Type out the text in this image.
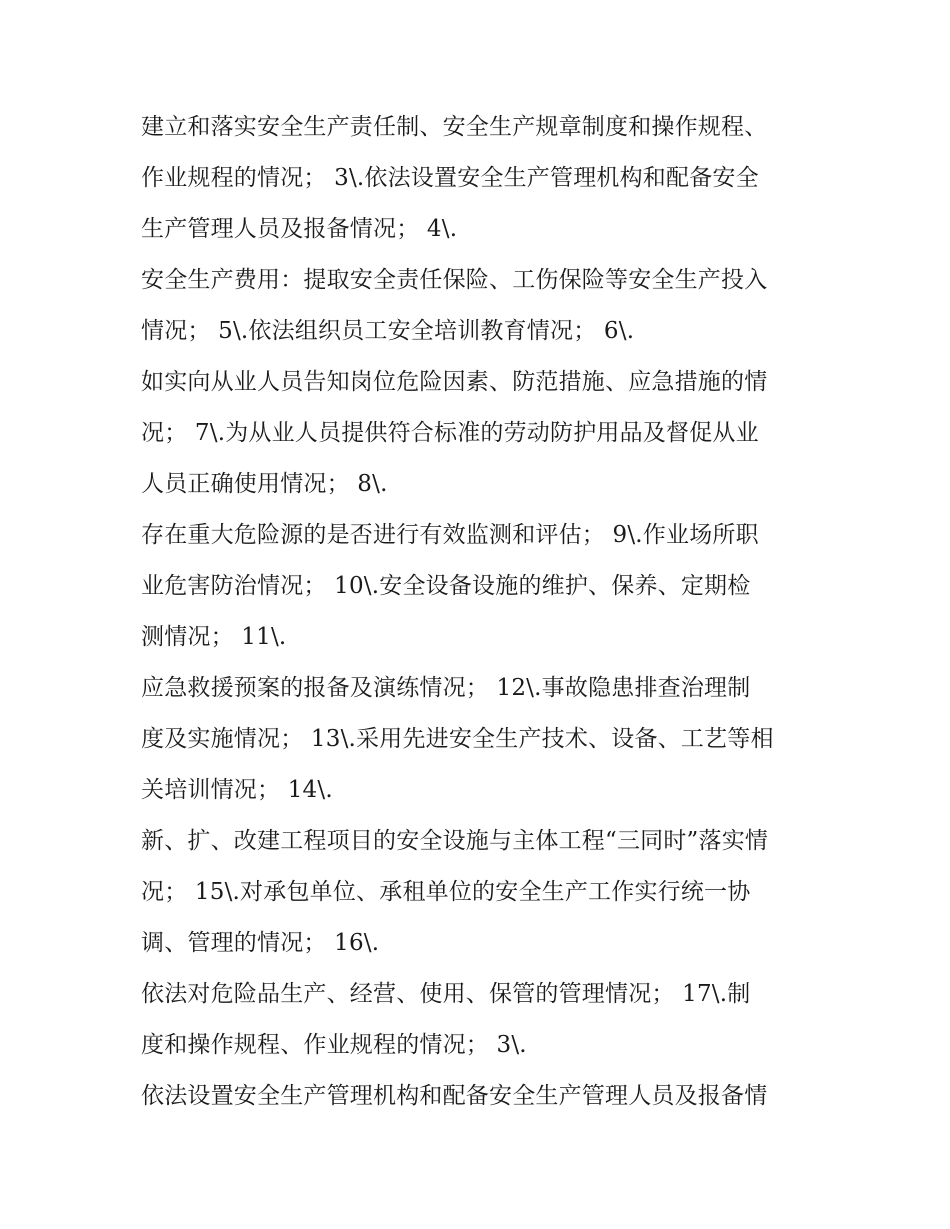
建立和落实安全生产责任制、安全生产规章制度和操作规程、
作业规程的情况； 3\.依法设置安全生产管理机构和配备安全
生产管理人员及报备情况； 4\.
安全生产费用：提取安全责任保险、工伤保险等安全生产投入
情况； 5\.依法组织员工安全培训教育情况； 6\.
如实向从业人员告知岗位危险因素、防范措施、应急措施的情
况； 7\.为从业人员提供符合标准的劳动防护用品及督促从业
人员正确使用情况； 8\.
存在重大危险源的是否进行有效监测和评估； 9\.作业场所职
业危害防治情况； 10\.安全设备设施的维护、保养、定期检
测情况； 11\.
应急救援预案的报备及演练情况； 12\.事故隐患排查治理制
度及实施情况； 13\.采用先进安全生产技术、设备、工艺等相
关培训情况； 14\.
新、扩、改建工程项目的安全设施与主体工程“三同时”落实情
况； 15\.对承包单位、承租单位的安全生产工作实行统一协
调、管理的情况； 16\.
依法对危险品生产、经营、使用、保管的管理情况； 17\.制
度和操作规程、作业规程的情况； 3\.
依法设置安全生产管理机构和配备安全生产管理人员及报备情
